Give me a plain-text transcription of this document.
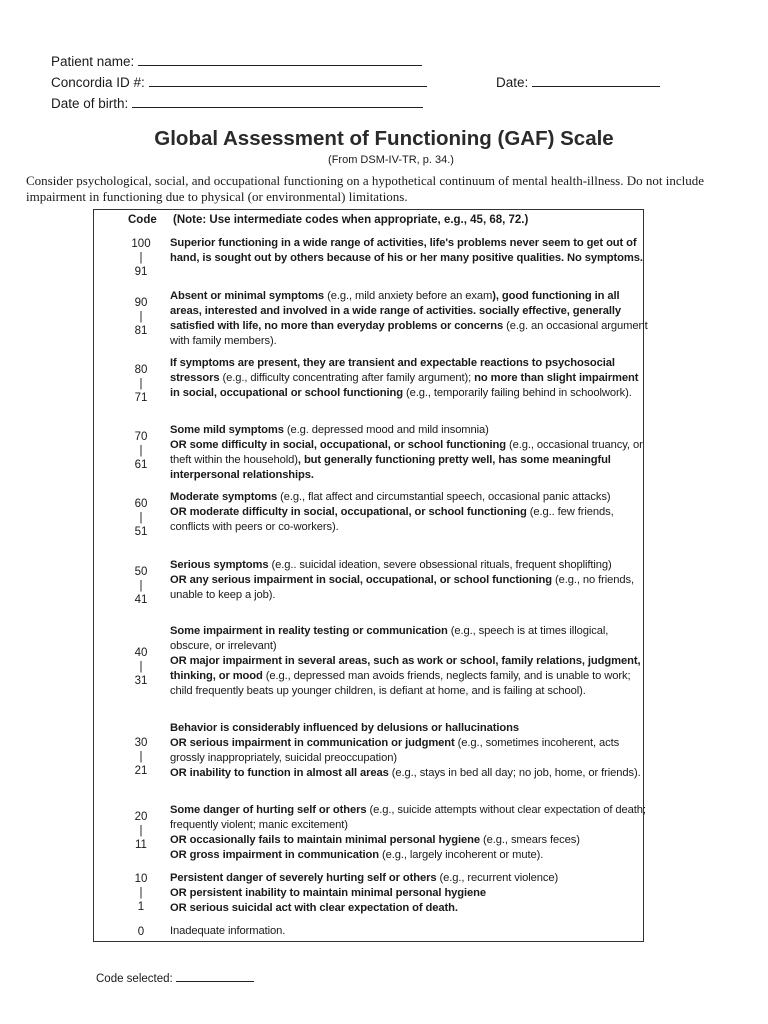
Patient name:
Concordia ID #:	Date:
Date of birth:
Global Assessment of Functioning (GAF) Scale
(From DSM-IV-TR, p. 34.)
Consider psychological, social, and occupational functioning on a hypothetical continuum of mental health-illness. Do not include impairment in functioning due to physical (or environmental) limitations.
Code (Note: Use intermediate codes when appropriate, e.g., 45, 68, 72.)
100
|
91
Superior functioning in a wide range of activities, life's problems never seem to get out of hand, is sought out by others because of his or her many positive qualities. No symptoms.
90
|
81
Absent or minimal symptoms (e.g., mild anxiety before an exam), good functioning in all areas, interested and involved in a wide range of activities. socially effective, generally satisfied with life, no more than everyday problems or concerns (e.g. an occasional argument with family members).
80
|
71
If symptoms are present, they are transient and expectable reactions to psychosocial stressors (e.g., difficulty concentrating after family argument); no more than slight impairment in social, occupational or school functioning (e.g., temporarily failing behind in schoolwork).
70
|
61
Some mild symptoms (e.g. depressed mood and mild insomnia)
OR some difficulty in social, occupational, or school functioning (e.g., occasional truancy, or theft within the household), but generally functioning pretty well, has some meaningful interpersonal relationships.
60
|
51
Moderate symptoms (e.g., flat affect and circumstantial speech, occasional panic attacks)
OR moderate difficulty in social, occupational, or school functioning (e.g.. few friends, conflicts with peers or co-workers).
50
|
41
Serious symptoms (e.g.. suicidal ideation, severe obsessional rituals, frequent shoplifting)
OR any serious impairment in social, occupational, or school functioning (e.g., no friends, unable to keep a job).
40
|
31
Some impairment in reality testing or communication (e.g., speech is at times illogical, obscure, or irrelevant)
OR major impairment in several areas, such as work or school, family relations, judgment, thinking, or mood (e.g., depressed man avoids friends, neglects family, and is unable to work; child frequently beats up younger children, is defiant at home, and is failing at school).
30
|
21
Behavior is considerably influenced by delusions or hallucinations
OR serious impairment in communication or judgment (e.g., sometimes incoherent, acts grossly inappropriately, suicidal preoccupation)
OR inability to function in almost all areas (e.g., stays in bed all day; no job, home, or friends).
20
|
11
Some danger of hurting self or others (e.g., suicide attempts without clear expectation of death; frequently violent; manic excitement)
OR occasionally fails to maintain minimal personal hygiene (e.g., smears feces)
OR gross impairment in communication (e.g., largely incoherent or mute).
10
|
1
Persistent danger of severely hurting self or others (e.g., recurrent violence)
OR persistent inability to maintain minimal personal hygiene
OR serious suicidal act with clear expectation of death.
0	Inadequate information.
Code selected:
